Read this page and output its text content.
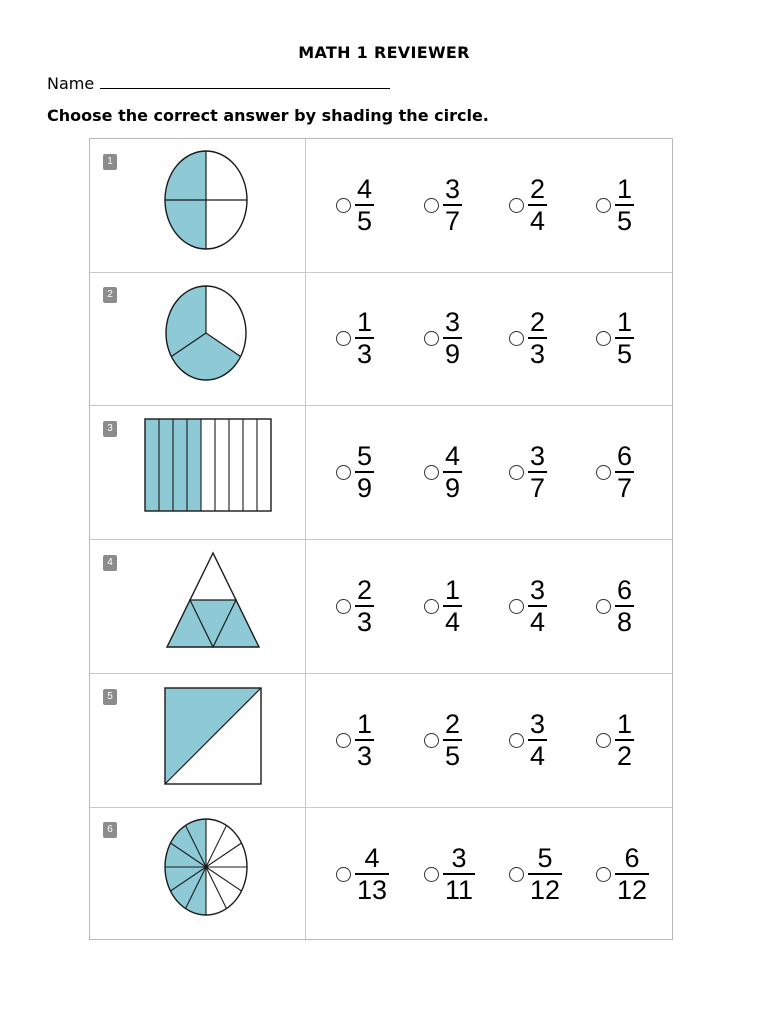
MATH 1 REVIEWER
Name
Choose the correct answer by shading the circle.
1
$\frac{4}{5}$	$\frac{3}{7} \frac{2}{4}$	$\frac{1}{5}$
2
$\frac{1}{3}$	$\frac{3}{9} \frac{2}{3}$	$\frac{1}{5}$
3
$\frac{5}{9}$	$\frac{4}{9} \frac{3}{7}$	$\frac{6}{7}$
4
$\frac{2}{3}$	$\frac{1}{4} \frac{3}{4}$	$\frac{6}{8}$
5
$\frac{1}{3}$	$\frac{2}{5} \frac{3}{4}$	$\frac{1}{2}$
6
$\frac{4}{13} \frac{3}{11} \frac{5}{12} \frac{6}{12}$
